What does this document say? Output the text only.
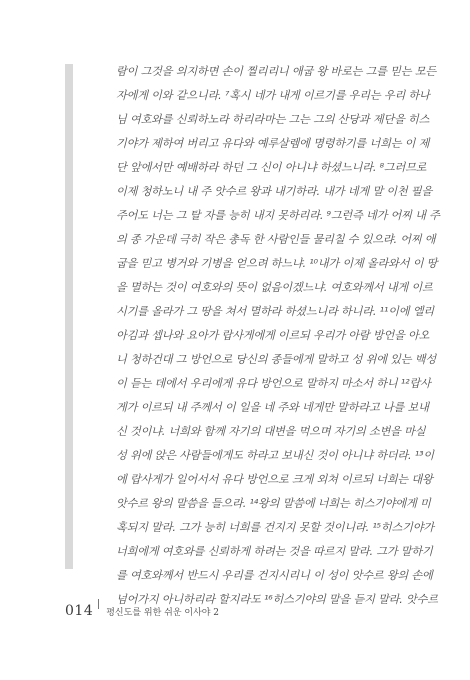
람이 그것을 의지하면 손이 찔리리니 애굽 왕 바로는 그를 믿는 모든
자에게 이와 같으니라. ⁷혹시 네가 내게 이르기를 우리는 우리 하나
님 여호와를 신뢰하노라 하리라마는 그는 그의 산당과 제단을 히스
기야가 제하여 버리고 유다와 예루살렘에 명령하기를 너희는 이 제
단 앞에서만 예배하라 하던 그 신이 아니냐 하셨느니라. ⁸그러므로
이제 청하노니 내 주 앗수르 왕과 내기하라. 내가 네게 말 이천 필을
주어도 너는 그 탈 자를 능히 내지 못하리라. ⁹그런즉 네가 어찌 내 주
의 종 가운데 극히 작은 총독 한 사람인들 물리칠 수 있으랴. 어찌 애
굽을 믿고 병거와 기병을 얻으려 하느냐. ¹⁰내가 이제 올라와서 이 땅
을 멸하는 것이 여호와의 뜻이 없음이겠느냐. 여호와께서 내게 이르
시기를 올라가 그 땅을 쳐서 멸하라 하셨느니라 하니라. ¹¹이에 엘리
아김과 셉나와 요아가 랍사게에게 이르되 우리가 아람 방언을 아오
니 청하건대 그 방언으로 당신의 종들에게 말하고 성 위에 있는 백성
이 듣는 데에서 우리에게 유다 방언으로 말하지 마소서 하니 ¹²랍사
게가 이르되 내 주께서 이 일을 네 주와 네게만 말하라고 나를 보내
신 것이냐. 너희와 함께 자기의 대변을 먹으며 자기의 소변을 마실
성 위에 앉은 사람들에게도 하라고 보내신 것이 아니냐 하더라. ¹³이
에 랍사게가 일어서서 유다 방언으로 크게 외쳐 이르되 너희는 대왕
앗수르 왕의 말씀을 들으라. ¹⁴왕의 말씀에 너희는 히스기야에게 미
혹되지 말라. 그가 능히 너희를 건지지 못할 것이니라. ¹⁵히스기야가
너희에게 여호와를 신뢰하게 하려는 것을 따르지 말라. 그가 말하기
를 여호와께서 반드시 우리를 건지시리니 이 성이 앗수르 왕의 손에
넘어가지 아니하리라 할지라도 ¹⁶히스기야의 말을 듣지 말라. 앗수르
014 평신도를 위한 쉬운 이사야 2
